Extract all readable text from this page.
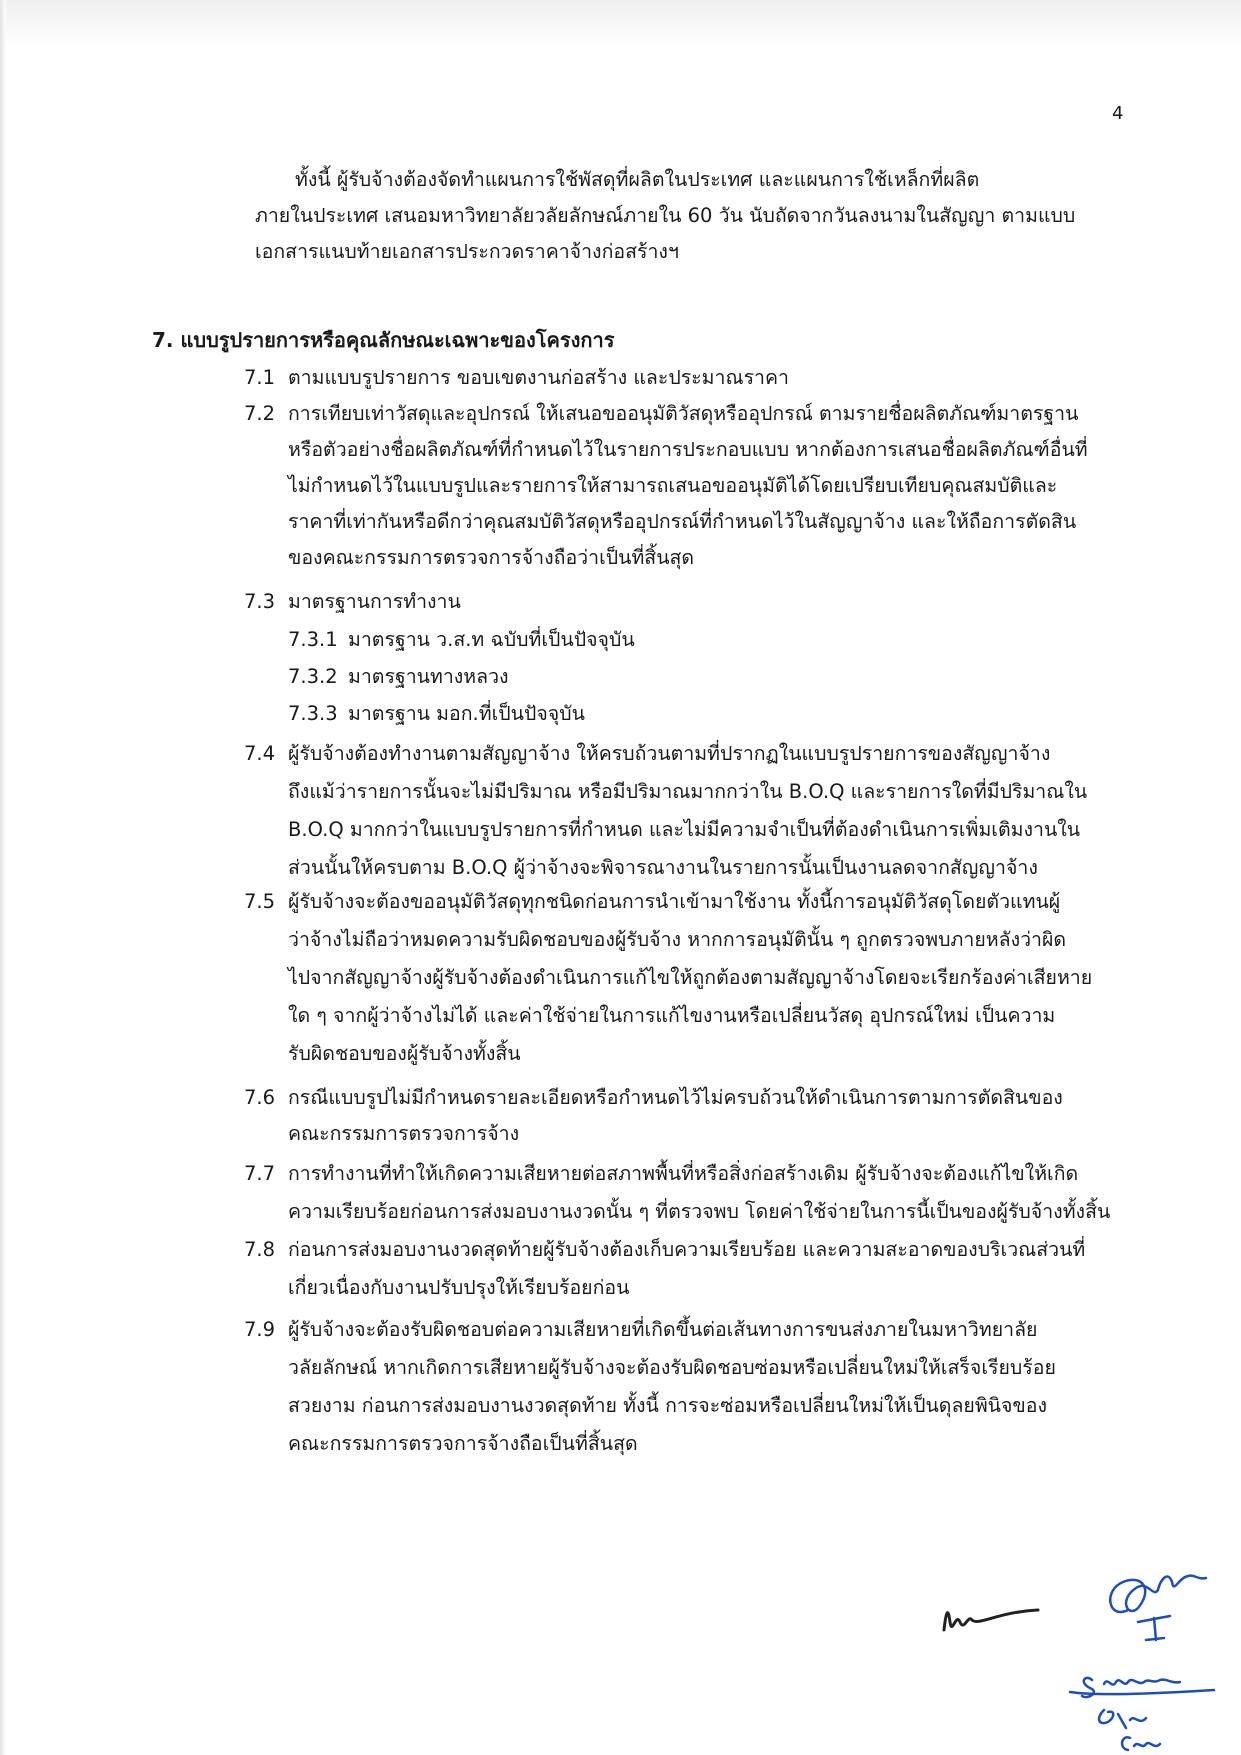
4
ทั้งนี้ ผู้รับจ้างต้องจัดทำแผนการใช้พัสดุที่ผลิตในประเทศ และแผนการใช้เหล็กที่ผลิต
ภายในประเทศ เสนอมหาวิทยาลัยวลัยลักษณ์ภายใน 60 วัน นับถัดจากวันลงนามในสัญญา ตามแบบ
เอกสารแนบท้ายเอกสารประกวดราคาจ้างก่อสร้างฯ
7. แบบรูปรายการหรือคุณลักษณะเฉพาะของโครงการ
7.1 ตามแบบรูปรายการ ขอบเขตงานก่อสร้าง และประมาณราคา
7.2 การเทียบเท่าวัสดุและอุปกรณ์ ให้เสนอขออนุมัติวัสดุหรืออุปกรณ์ ตามรายชื่อผลิตภัณฑ์มาตรฐาน
หรือตัวอย่างชื่อผลิตภัณฑ์ที่กำหนดไว้ในรายการประกอบแบบ หากต้องการเสนอชื่อผลิตภัณฑ์อื่นที่
ไม่กำหนดไว้ในแบบรูปและรายการให้สามารถเสนอขออนุมัติได้โดยเปรียบเทียบคุณสมบัติและ
ราคาที่เท่ากันหรือดีกว่าคุณสมบัติวัสดุหรืออุปกรณ์ที่กำหนดไว้ในสัญญาจ้าง และให้ถือการตัดสิน
ของคณะกรรมการตรวจการจ้างถือว่าเป็นที่สิ้นสุด
7.3 มาตรฐานการทำงาน
7.3.1 มาตรฐาน ว.ส.ท ฉบับที่เป็นปัจจุบัน
7.3.2 มาตรฐานทางหลวง
7.3.3 มาตรฐาน มอก.ที่เป็นปัจจุบัน
7.4 ผู้รับจ้างต้องทำงานตามสัญญาจ้าง ให้ครบถ้วนตามที่ปรากฏในแบบรูปรายการของสัญญาจ้าง
ถึงแม้ว่ารายการนั้นจะไม่มีปริมาณ หรือมีปริมาณมากกว่าใน B.O.Q และรายการใดที่มีปริมาณใน
B.O.Q มากกว่าในแบบรูปรายการที่กำหนด และไม่มีความจำเป็นที่ต้องดำเนินการเพิ่มเติมงานใน
ส่วนนั้นให้ครบตาม B.O.Q ผู้ว่าจ้างจะพิจารณางานในรายการนั้นเป็นงานลดจากสัญญาจ้าง
7.5 ผู้รับจ้างจะต้องขออนุมัติวัสดุทุกชนิดก่อนการนำเข้ามาใช้งาน ทั้งนี้การอนุมัติวัสดุโดยตัวแทนผู้
ว่าจ้างไม่ถือว่าหมดความรับผิดชอบของผู้รับจ้าง หากการอนุมัตินั้น ๆ ถูกตรวจพบภายหลังว่าผิด
ไปจากสัญญาจ้างผู้รับจ้างต้องดำเนินการแก้ไขให้ถูกต้องตามสัญญาจ้างโดยจะเรียกร้องค่าเสียหาย
ใด ๆ จากผู้ว่าจ้างไม่ได้ และค่าใช้จ่ายในการแก้ไขงานหรือเปลี่ยนวัสดุ อุปกรณ์ใหม่ เป็นความ
รับผิดชอบของผู้รับจ้างทั้งสิ้น
7.6 กรณีแบบรูปไม่มีกำหนดรายละเอียดหรือกำหนดไว้ไม่ครบถ้วนให้ดำเนินการตามการตัดสินของ
คณะกรรมการตรวจการจ้าง
7.7 การทำงานที่ทำให้เกิดความเสียหายต่อสภาพพื้นที่หรือสิ่งก่อสร้างเดิม ผู้รับจ้างจะต้องแก้ไขให้เกิด
ความเรียบร้อยก่อนการส่งมอบงานงวดนั้น ๆ ที่ตรวจพบ โดยค่าใช้จ่ายในการนี้เป็นของผู้รับจ้างทั้งสิ้น
7.8 ก่อนการส่งมอบงานงวดสุดท้ายผู้รับจ้างต้องเก็บความเรียบร้อย และความสะอาดของบริเวณส่วนที่
เกี่ยวเนื่องกับงานปรับปรุงให้เรียบร้อยก่อน
7.9 ผู้รับจ้างจะต้องรับผิดชอบต่อความเสียหายที่เกิดขึ้นต่อเส้นทางการขนส่งภายในมหาวิทยาลัย
วลัยลักษณ์ หากเกิดการเสียหายผู้รับจ้างจะต้องรับผิดชอบซ่อมหรือเปลี่ยนใหม่ให้เสร็จเรียบร้อย
สวยงาม ก่อนการส่งมอบงานงวดสุดท้าย ทั้งนี้ การจะซ่อมหรือเปลี่ยนใหม่ให้เป็นดุลยพินิจของ
คณะกรรมการตรวจการจ้างถือเป็นที่สิ้นสุด
